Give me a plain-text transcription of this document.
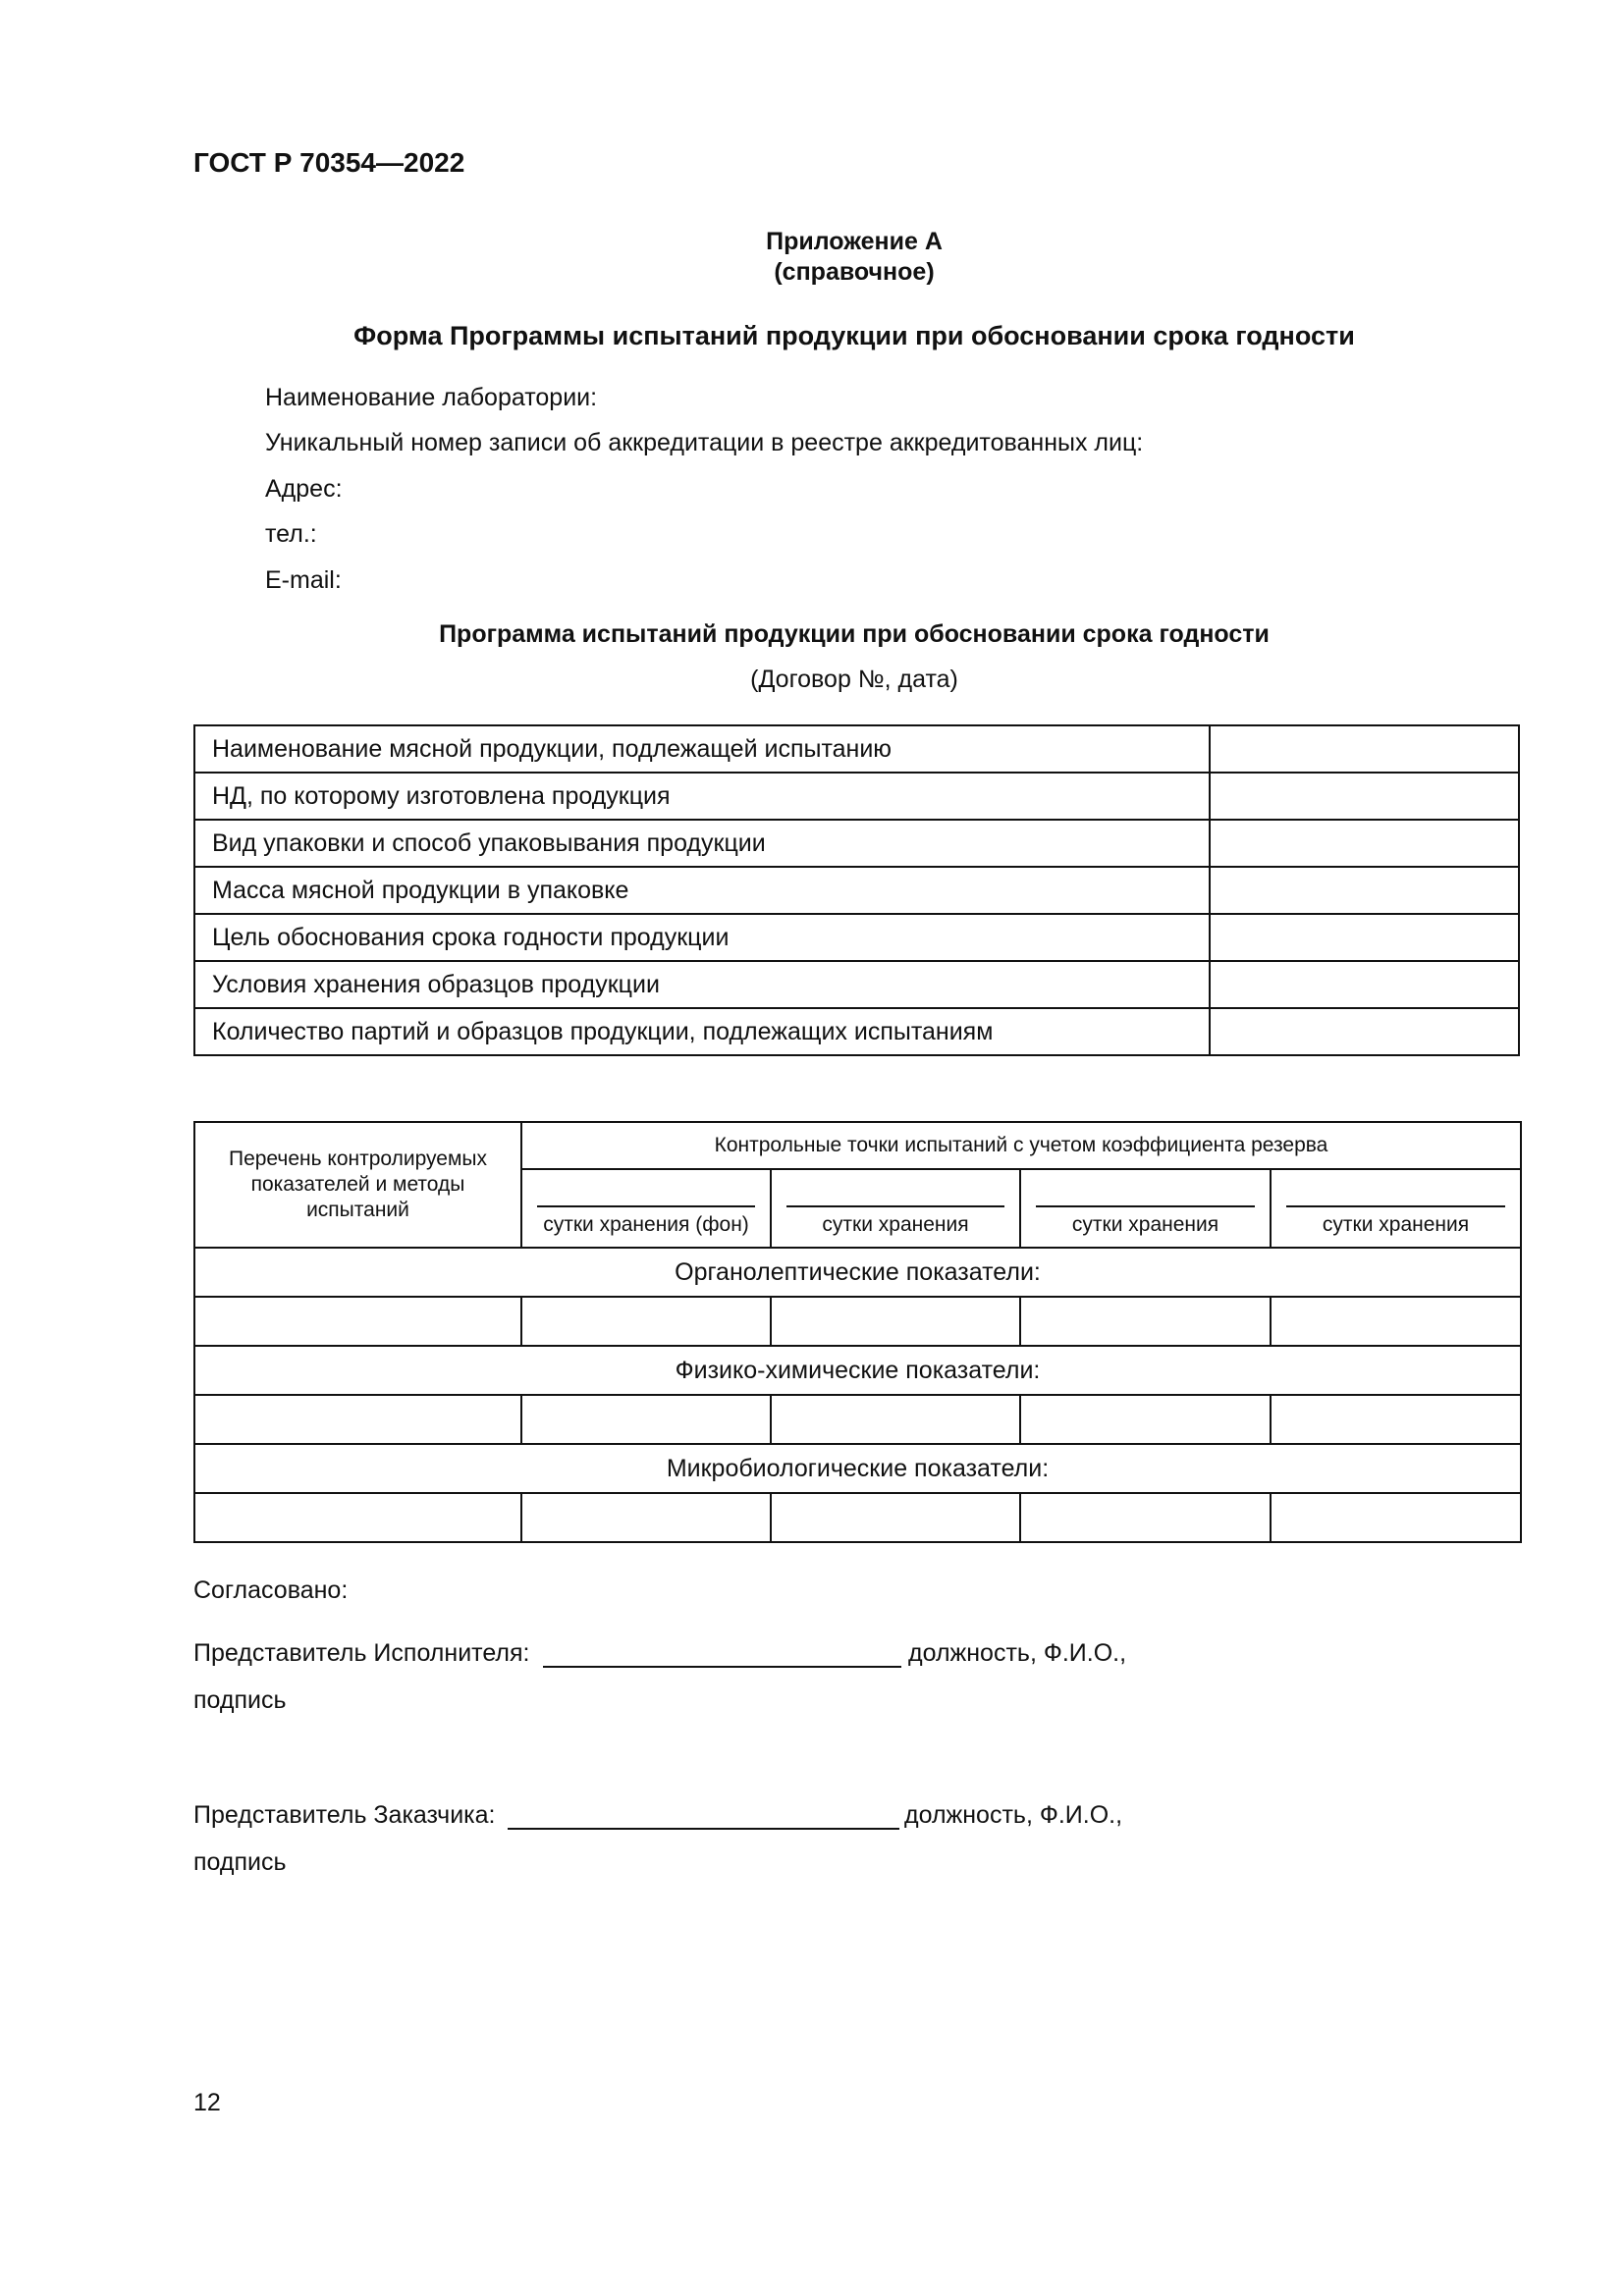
ГОСТ Р 70354—2022
Приложение А
(справочное)
Форма Программы испытаний продукции при обосновании срока годности
Наименование лаборатории:
Уникальный номер записи об аккредитации в реестре аккредитованных лиц:
Адрес:
тел.:
E-mail:
Программа испытаний продукции при обосновании срока годности
(Договор №, дата)
Наименование мясной продукции, подлежащей испытанию	
НД, по которому изготовлена продукция	
Вид упаковки и способ упаковывания продукции	
Масса мясной продукции в упаковке	
Цель обоснования срока годности продукции	
Условия хранения образцов продукции	
Количество партий и образцов продукции, подлежащих испытаниям	
Перечень контролируемых показателей и методы испытаний	Контрольные точки испытаний с учетом коэффициента резерва			

	сутки хранения (фон)	сутки хранения	сутки хранения	сутки хранения

Органолептические показатели:				

Физико-химические показатели:				

Микробиологические показатели:				

Согласовано:
Представитель Исполнителя:	должность, Ф.И.О.,
подпись
Представитель Заказчика:	должность, Ф.И.О.,
подпись
12
